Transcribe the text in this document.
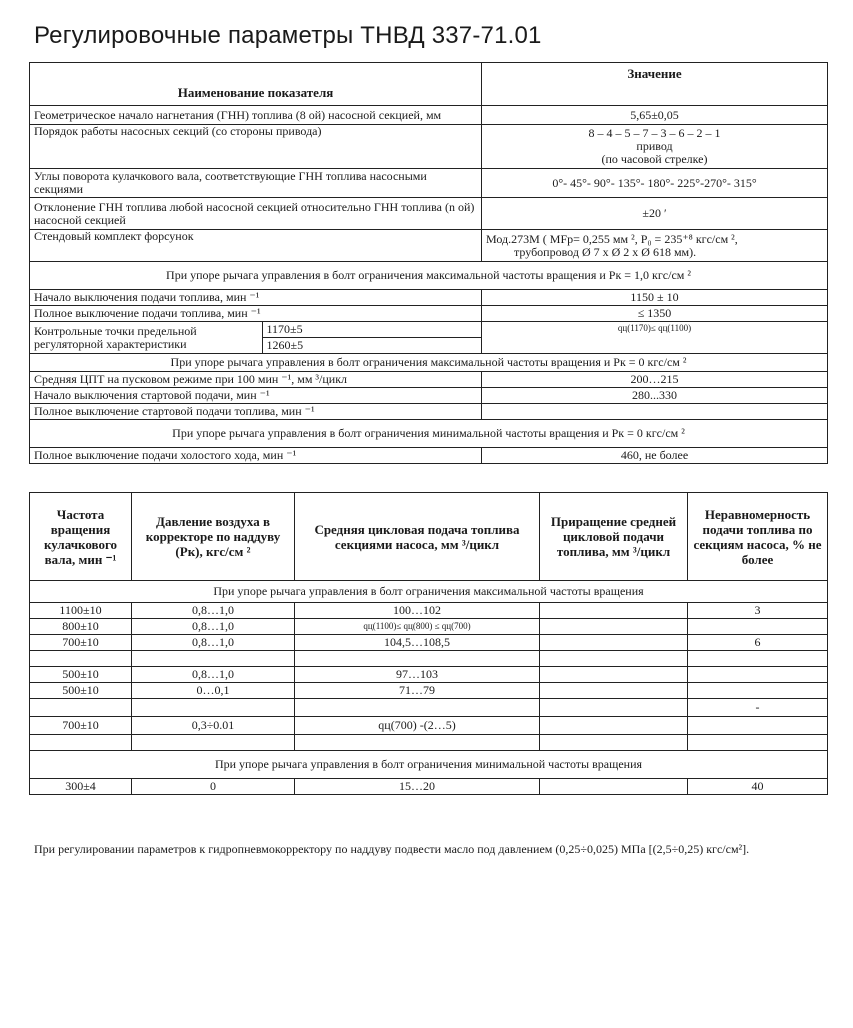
Регулировочные параметры ТНВД 337-71.01
Наименование показателя	Значение
Геометрическое начало нагнетания (ГНН) топлива (8 ой) насосной секцией, мм	5,65±0,05
Порядок работы насосных секций (со стороны привода)	8 – 4 – 5 – 7 – 3 – 6 – 2 – 1
привод
(по часовой стрелке)

Углы поворота кулачкового вала, соответствующие ГНН топлива насосными секциями	0°- 45°- 90°- 135°- 180°- 225°-270°- 315°
Отклонение ГНН топлива любой насосной секцией относительно ГНН топлива (n ой) насосной секцией	±20 ′
Стендовый комплект форсунок	Мод.273М ( MFр= 0,255 мм ², Р₀ = 235⁺⁸ кгс/см ²,
трубопровод Ø 7 х Ø 2 х Ø 618 мм).

При упоре рычага управления в болт ограничения максимальной частоты вращения и Рк = 1,0 кгс/см ²
Начало выключения подачи топлива, мин ⁻¹	1150 ± 10
Полное выключение подачи топлива, мин ⁻¹	≤ 1350

Контрольные точки предельной регуляторной характеристики	1170±5
1260±5
	qц(1170)≤ qц(1100)
При упоре рычага управления в болт ограничения максимальной частоты вращения и Рк = 0 кгс/см ²
Средняя ЦПТ на пусковом режиме при 100 мин ⁻¹, мм ³/цикл	200…215
Начало выключения стартовой подачи, мин ⁻¹	280...330
Полное выключение стартовой подачи топлива, мин ⁻¹	
При упоре рычага управления в болт ограничения минимальной частоты вращения и Рк = 0 кгс/см ²
Полное выключение подачи холостого хода, мин ⁻¹	460, не более
Частота вращения кулачкового вала, мин ⁻¹	Давление воздуха в корректоре по наддуву (Рк), кгс/см ²	Средняя цикловая подача топлива секциями насоса, мм ³/цикл	Приращение средней цикловой подачи топлива, мм ³/цикл	Неравномерность подачи топлива по секциям насоса, % не более
При упоре рычага управления в болт ограничения максимальной частоты вращения				
1100±10	0,8…1,0	100…102		3
800±10	0,8…1,0	qц(1100)≤ qц(800) ≤ qц(700)		
700±10	0,8…1,0	104,5…108,5		6

500±10	0,8…1,0	97…103		
500±10	0…0,1	71…79		
				-
700±10	0,3÷0.01	qц(700) -(2…5)		

При упоре рычага управления в болт ограничения минимальной частоты вращения				
300±4	0	15…20		40
При регулировании параметров к гидропневмокорректору по наддуву подвести масло под давлением (0,25÷0,025) МПа [(2,5÷0,25) кгс/см²].
